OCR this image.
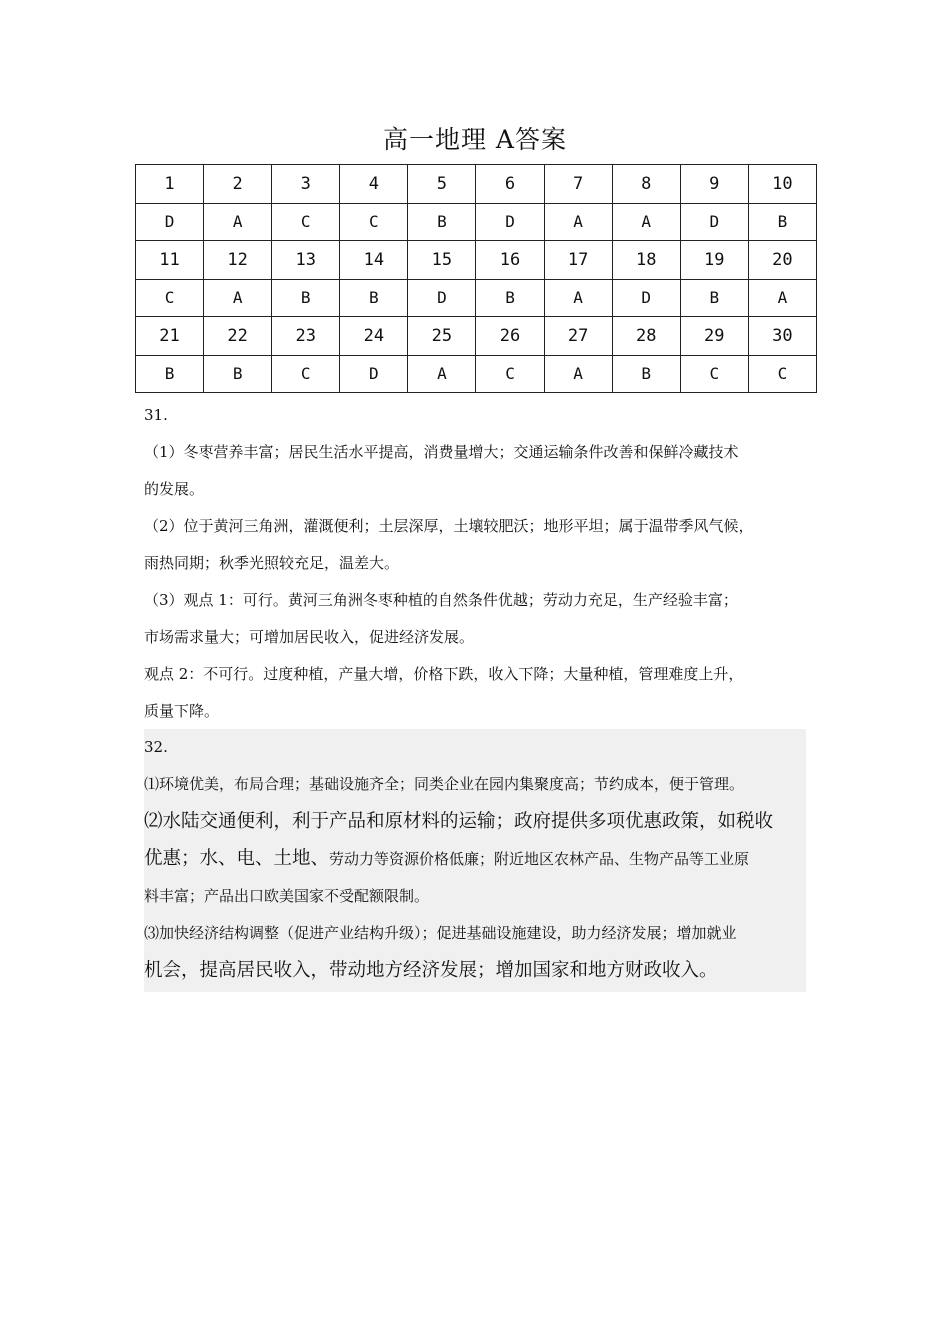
高一地理 A答案
1	2	3	4	5	6	7	8	9	10
D	A	C	C	B	D	A	A	D	B
11	12	13	14	15	16	17	18	19	20
C	A	B	B	D	B	A	D	B	A
21	22	23	24	25	26	27	28	29	30
B	B	C	D	A	C	A	B	C	C
31.
（1）冬枣营养丰富；居民生活水平提高，消费量增大；交通运输条件改善和保鲜冷藏技术
的发展。
（2）位于黄河三角洲，灌溉便利；土层深厚，土壤较肥沃；地形平坦；属于温带季风气候，
雨热同期；秋季光照较充足，温差大。
（3）观点 1：可行。黄河三角洲冬枣种植的自然条件优越；劳动力充足，生产经验丰富；
市场需求量大；可增加居民收入，促进经济发展。
观点 2：不可行。过度种植，产量大增，价格下跌，收入下降；大量种植，管理难度上升，
质量下降。
32.
⑴环境优美，布局合理；基础设施齐全；同类企业在园内集聚度高；节约成本，便于管理。
⑵水陆交通便利，利于产品和原材料的运输；政府提供多项优惠政策，如税收
优惠；水、电、土地、劳动力等资源价格低廉；附近地区农林产品、生物产品等工业原
料丰富；产品出口欧美国家不受配额限制。
⑶加快经济结构调整（促进产业结构升级）；促进基础设施建设，助力经济发展；增加就业
机会，提高居民收入，带动地方经济发展；增加国家和地方财政收入。
